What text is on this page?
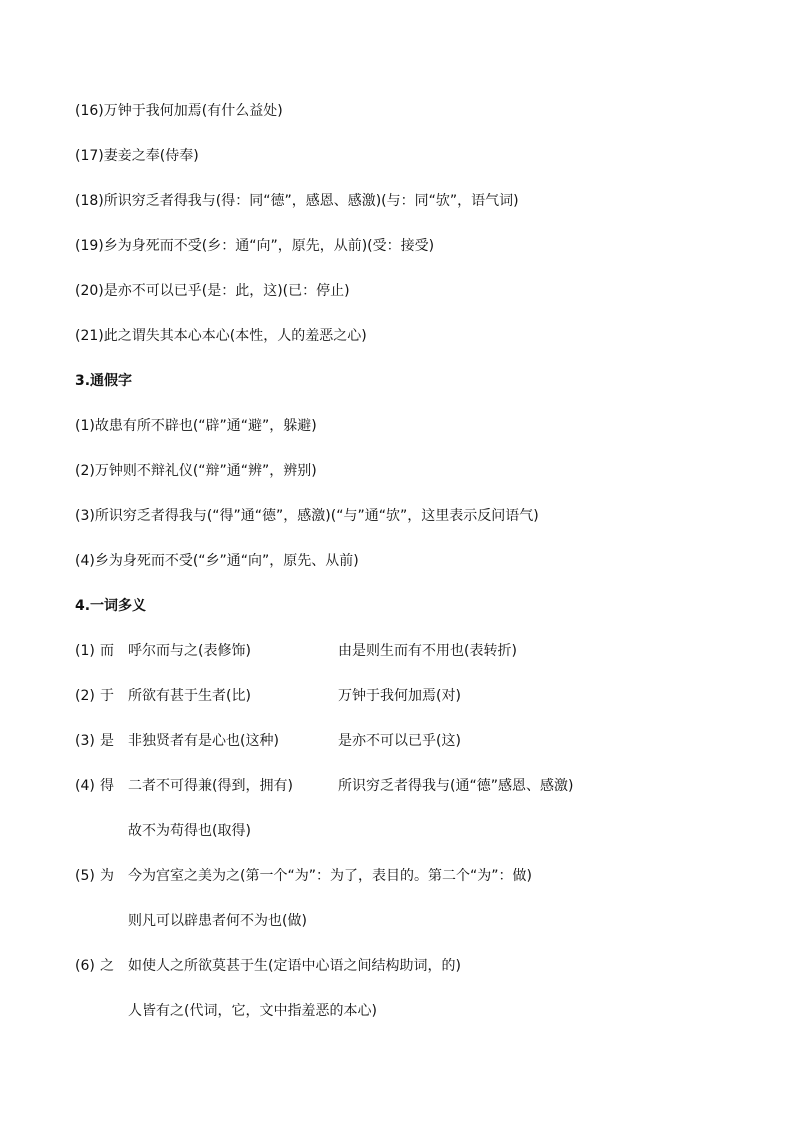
(16)万钟于我何加焉(有什么益处)
(17)妻妾之奉(侍奉)
(18)所识穷乏者得我与(得：同“德”，感恩、感激)(与：同“欤”，语气词)
(19)乡为身死而不受(乡：通“向”，原先，从前)(受：接受)
(20)是亦不可以已乎(是：此，这)(已：停止)
(21)此之谓失其本心本心(本性，人的羞恶之心)
3.通假字
(1)故患有所不辟也(“辟”通“避”，躲避)
(2)万钟则不辩礼仪(“辩”通“辨”，辨别)
(3)所识穷乏者得我与(“得”通“德”，感激)(“与”通“欤”，这里表示反问语气)
(4)乡为身死而不受(“乡”通“向”，原先、从前)
4.一词多义
(1) 而 呼尔而与之(表修饰)	由是则生而有不用也(表转折)
(2) 于 所欲有甚于生者(比)	万钟于我何加焉(对)
(3) 是 非独贤者有是心也(这种)	是亦不可以已乎(这)
(4) 得 二者不可得兼(得到，拥有)	所识穷乏者得我与(通“德”感恩、感激)
故不为苟得也(取得)
(5) 为 今为宫室之美为之(第一个“为”：为了，表目的。第二个“为”：做)
则凡可以辟患者何不为也(做)
(6) 之 如使人之所欲莫甚于生(定语中心语之间结构助词，的)
人皆有之(代词，它，文中指羞恶的本心)
